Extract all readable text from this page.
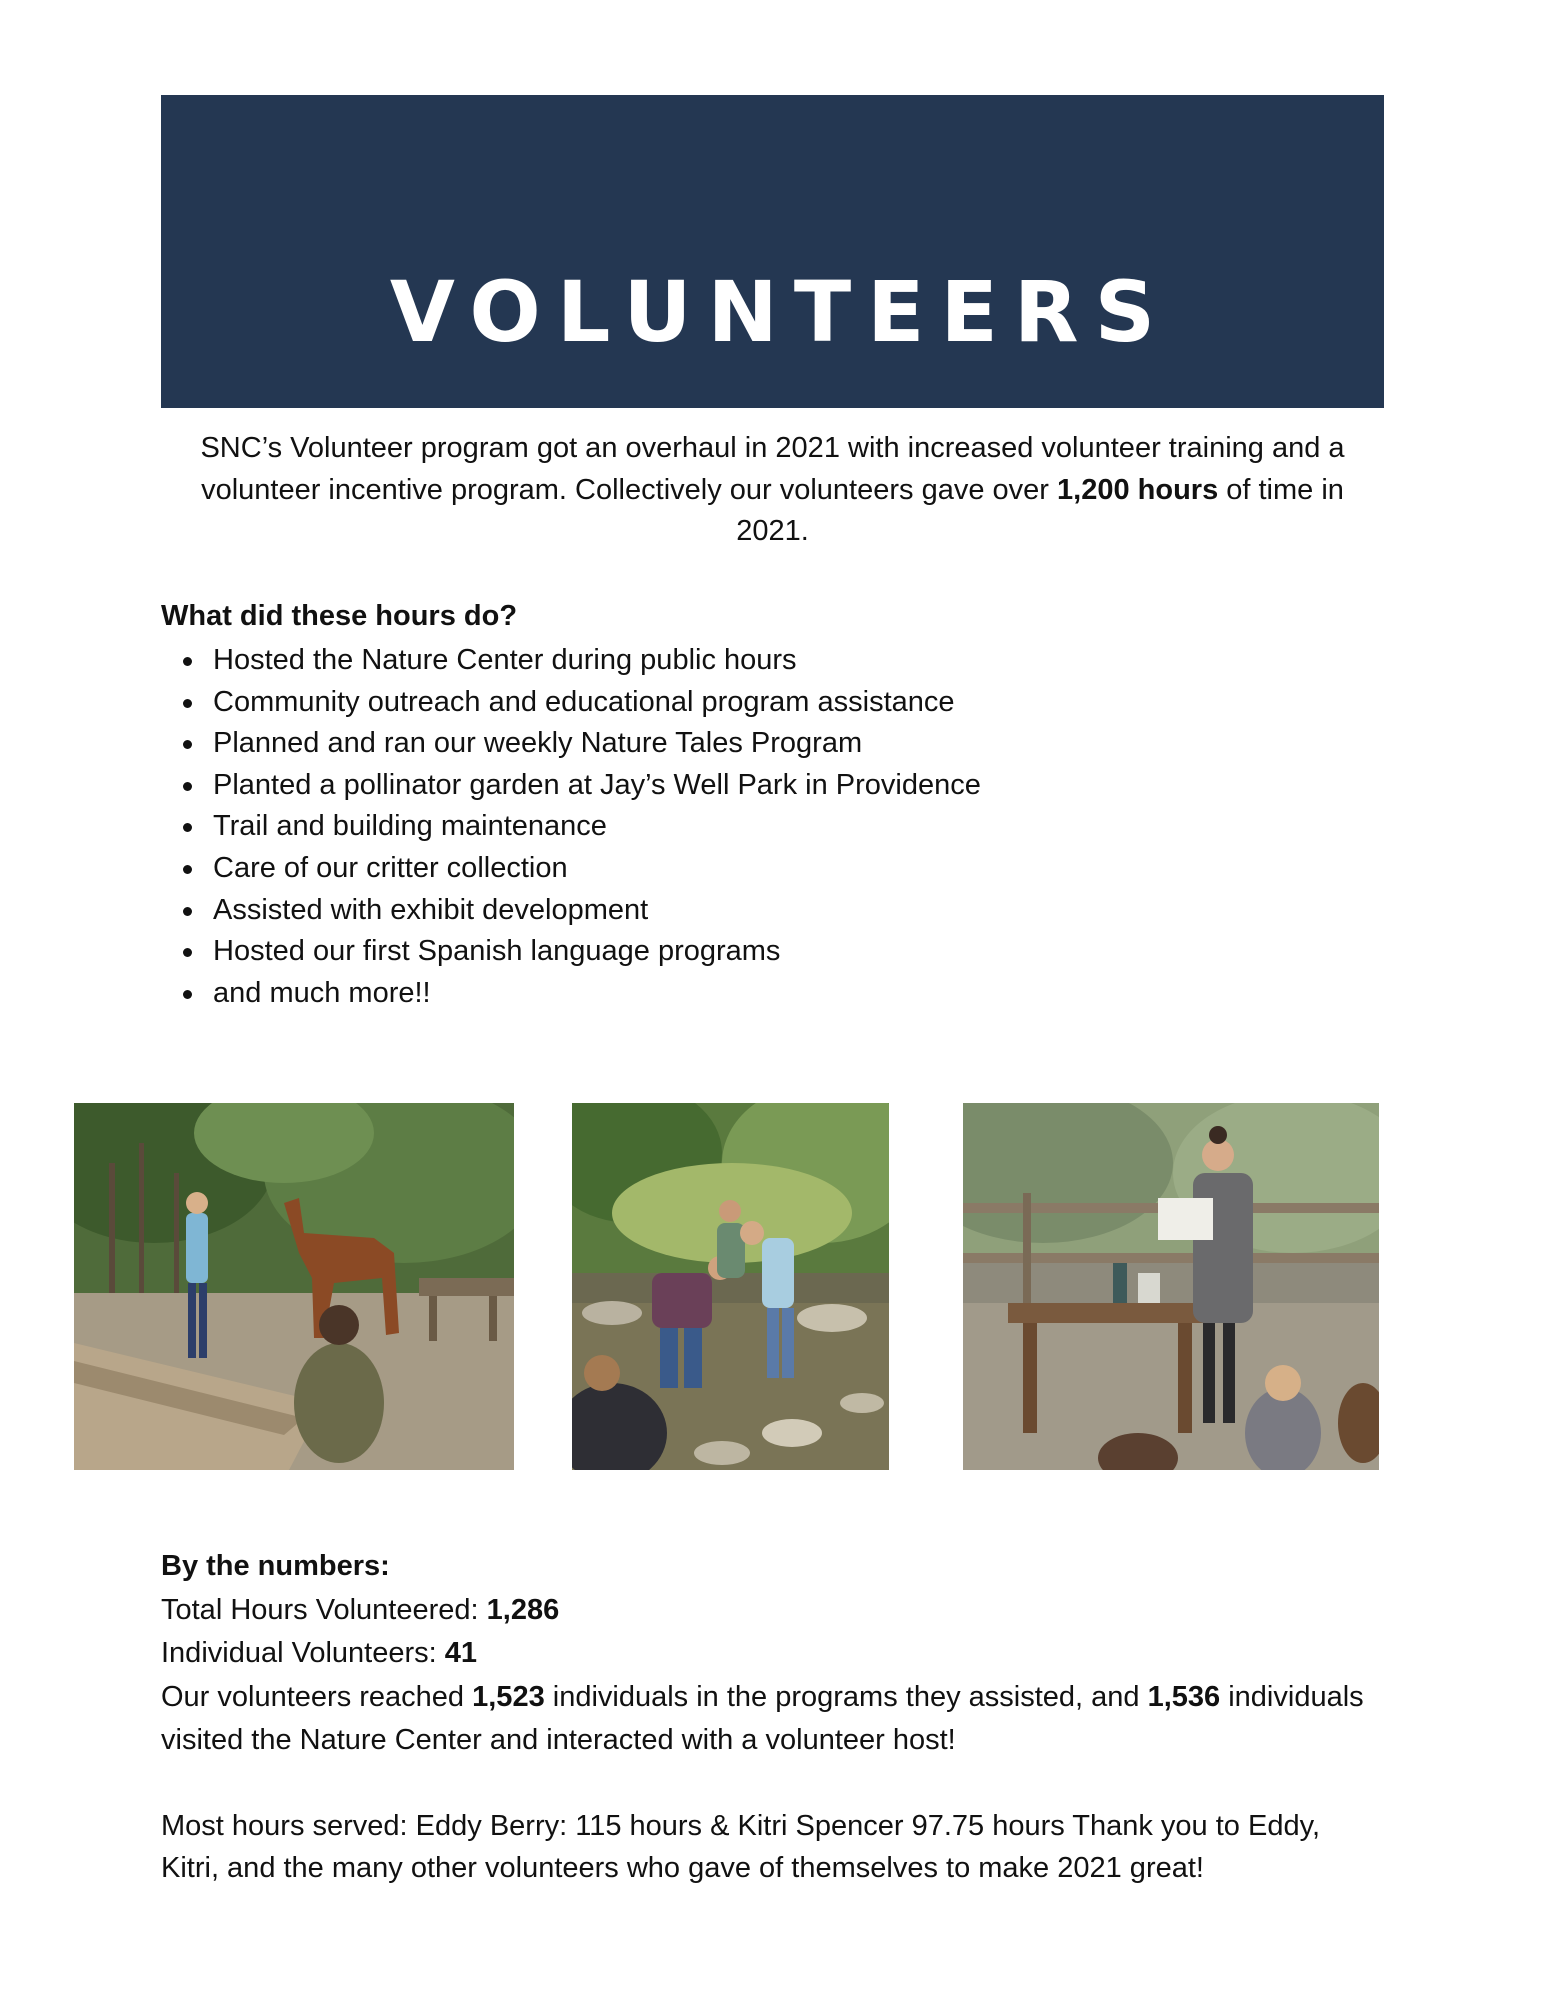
VOLUNTEERS
SNC’s Volunteer program got an overhaul in 2021 with increased volunteer training and a volunteer incentive program. Collectively our volunteers gave over 1,200 hours of time in 2021.
What did these hours do?
Hosted the Nature Center during public hours
Community outreach and educational program assistance
Planned and ran our weekly Nature Tales Program
Planted a pollinator garden at Jay’s Well Park in Providence
Trail and building maintenance
Care of our critter collection
Assisted with exhibit development
Hosted our first Spanish language programs
and much more!!

By the numbers:

Total Hours Volunteered: 1,286

Individual Volunteers: 41

Our volunteers reached 1,523 individuals in the programs they assisted, and 1,536 individuals visited the Nature Center and interacted with a volunteer host!

Most hours served: Eddy Berry: 115 hours & Kitri Spencer 97.75 hours Thank you to Eddy, Kitri, and the many other volunteers who gave of themselves to make 2021 great!
